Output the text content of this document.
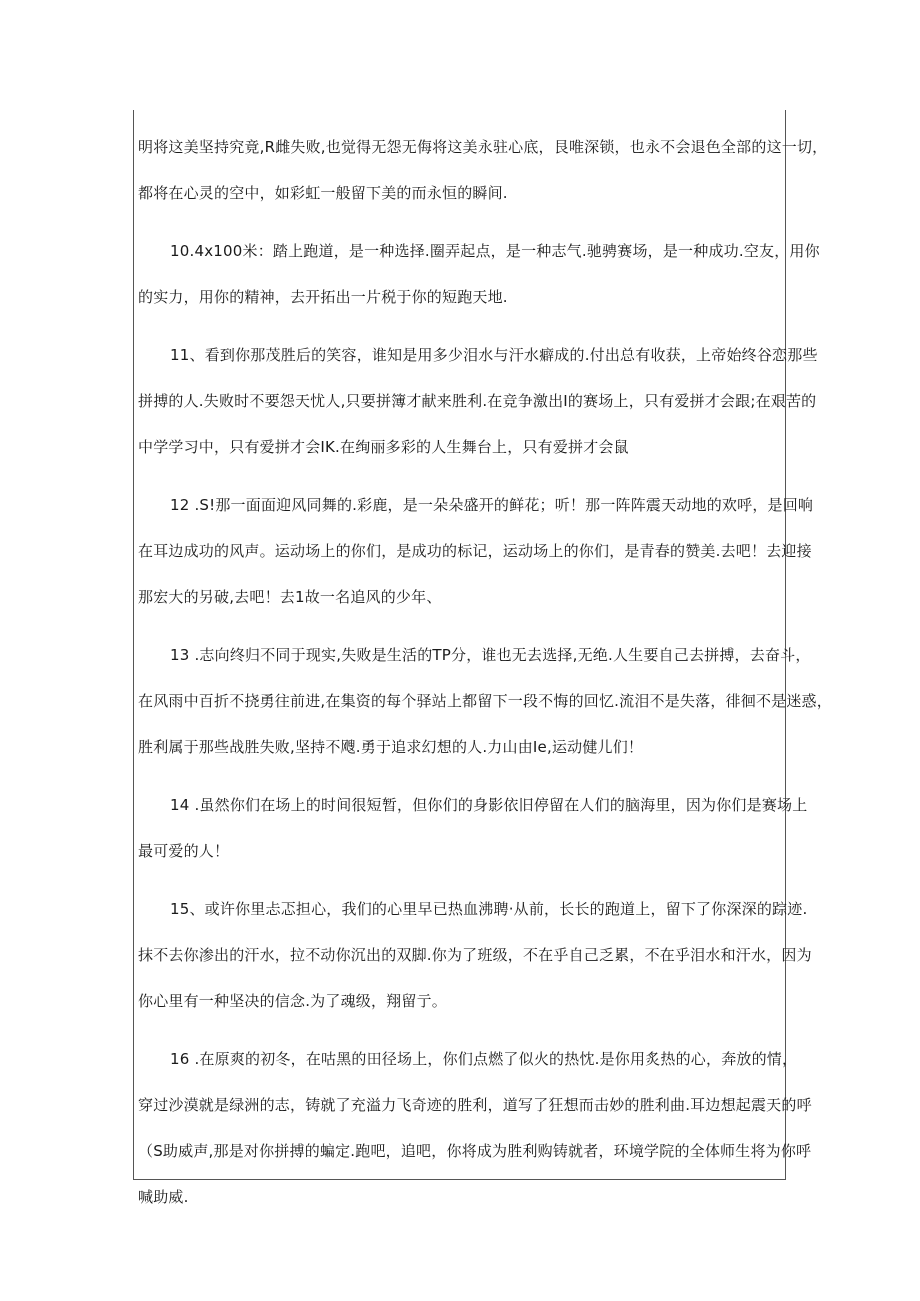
明将这美坚持究竟,R雌失败,也觉得无怨无侮将这美永驻心底，艮唯深锁，也永不会退色全部的这一切，
都将在心灵的空中，如彩虹一般留下美的而永恒的瞬间.
10.4x100米：踏上跑道，是一种选择.圈弄起点，是一种志气.驰骋赛场，是一种成功.空友，用你
的实力，用你的精神，去开拓出一片税于你的短跑天地.
11、看到你那茂胜后的笑容，谁知是用多少泪水与汗水癖成的.付出总有收获，上帝始终谷恋那些
拼搏的人.失败时不要怨天忧人,只要拼簿才献来胜利.在竞争激出I的赛场上，只有爱拼才会跟;在艰苦的
中学学习中，只有爱拼才会IK.在绚丽多彩的人生舞台上，只有爱拼才会鼠
12 .S!那一面面迎风同舞的.彩鹿，是一朵朵盛开的鲜花；听！那一阵阵震天动地的欢呼，是回响
在耳边成功的风声。运动场上的你们，是成功的标记，运动场上的你们，是青春的赞美.去吧！去迎接
那宏大的另破,去吧！去1故一名追风的少年、
13 .志向终归不同于现实,失败是生活的TP分，谁也无去选择,无绝.人生要自己去拼搏，去奋斗，
在风雨中百折不挠勇往前进,在集资的每个驿站上都留下一段不悔的回忆.流泪不是失落，徘徊不是迷惑，
胜利属于那些战胜失败,坚持不飕.勇于追求幻想的人.力山由Ie,运动健儿们！
14 .虽然你们在场上的时间很短暂，但你们的身影依旧停留在人们的脑海里，因为你们是赛场上
最可爱的人！
15、或许你里忐忑担心，我们的心里早已热血沸聘·从前，长长的跑道上，留下了你深深的踪迹.
抹不去你渗出的汗水，拉不动你沉出的双脚.你为了班级，不在乎自己乏累，不在乎泪水和汗水，因为
你心里有一种坚决的信念.为了魂级，翔留亍。
16 .在原爽的初冬，在咕黑的田径场上，你们点燃了似火的热忱.是你用炙热的心，奔放的情，
穿过沙漠就是绿洲的志，铸就了充溢力飞奇迹的胜利，道写了狂想而击妙的胜利曲.耳边想起震天的呼
（S助威声,那是对你拼搏的蝙定.跑吧，追吧，你将成为胜利购铸就者，环境学院的全体师生将为你呼
喊助威.
